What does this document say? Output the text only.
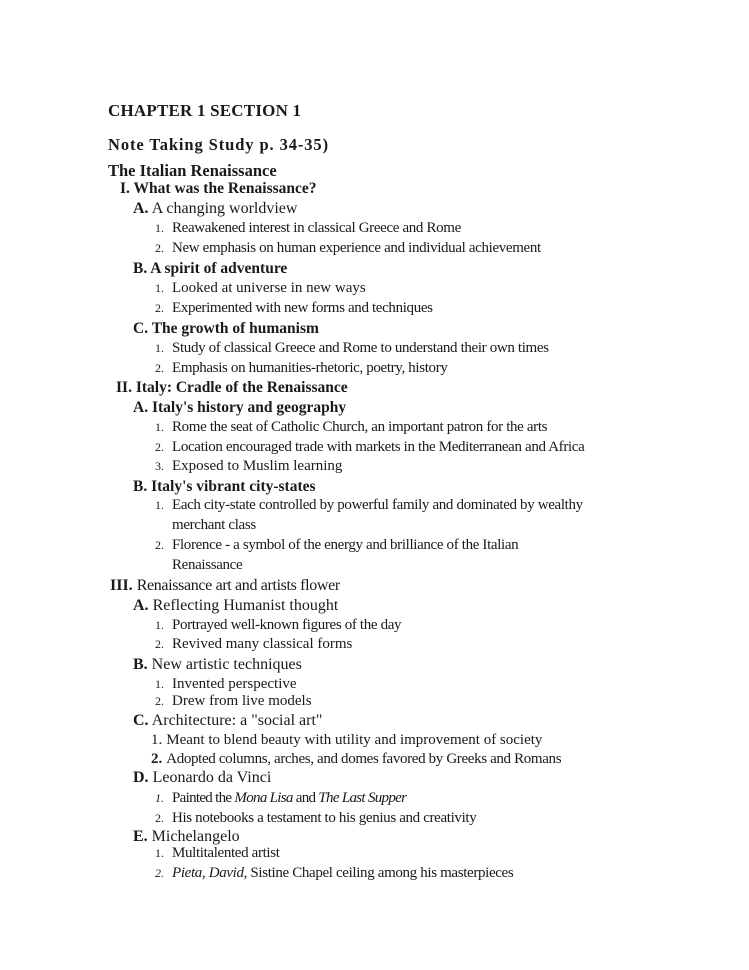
CHAPTER 1 SECTION 1
Note Taking Study p. 34-35)
The Italian Renaissance
I. What was the Renaissance?
A. A changing worldview
1. Reawakened interest in classical Greece and Rome
2. New emphasis on human experience and individual achievement
B. A spirit of adventure
1. Looked at universe in new ways
2. Experimented with new forms and techniques
C. The growth of humanism
1. Study of classical Greece and Rome to understand their own times
2. Emphasis on humanities-rhetoric, poetry, history
II. Italy: Cradle of the Renaissance
A. Italy's history and geography
1. Rome the seat of Catholic Church, an important patron for the arts
2. Location encouraged trade with markets in the Mediterranean and Africa
3. Exposed to Muslim learning
B. Italy's vibrant city-states
1. Each city-state controlled by powerful family and dominated by wealthy
merchant class
2. Florence - a symbol of the energy and brilliance of the Italian
Renaissance
III. Renaissance art and artists flower
A. Reflecting Humanist thought
1. Portrayed well-known figures of the day
2. Revived many classical forms
B. New artistic techniques
1. Invented perspective
2. Drew from live models
C. Architecture: a "social art"
1. Meant to blend beauty with utility and improvement of society
2. Adopted columns, arches, and domes favored by Greeks and Romans
D. Leonardo da Vinci
1. Painted the Mona Lisa and The Last Supper
2. His notebooks a testament to his genius and creativity
E. Michelangelo
1. Multitalented artist
2. Pieta, David, Sistine Chapel ceiling among his masterpieces
